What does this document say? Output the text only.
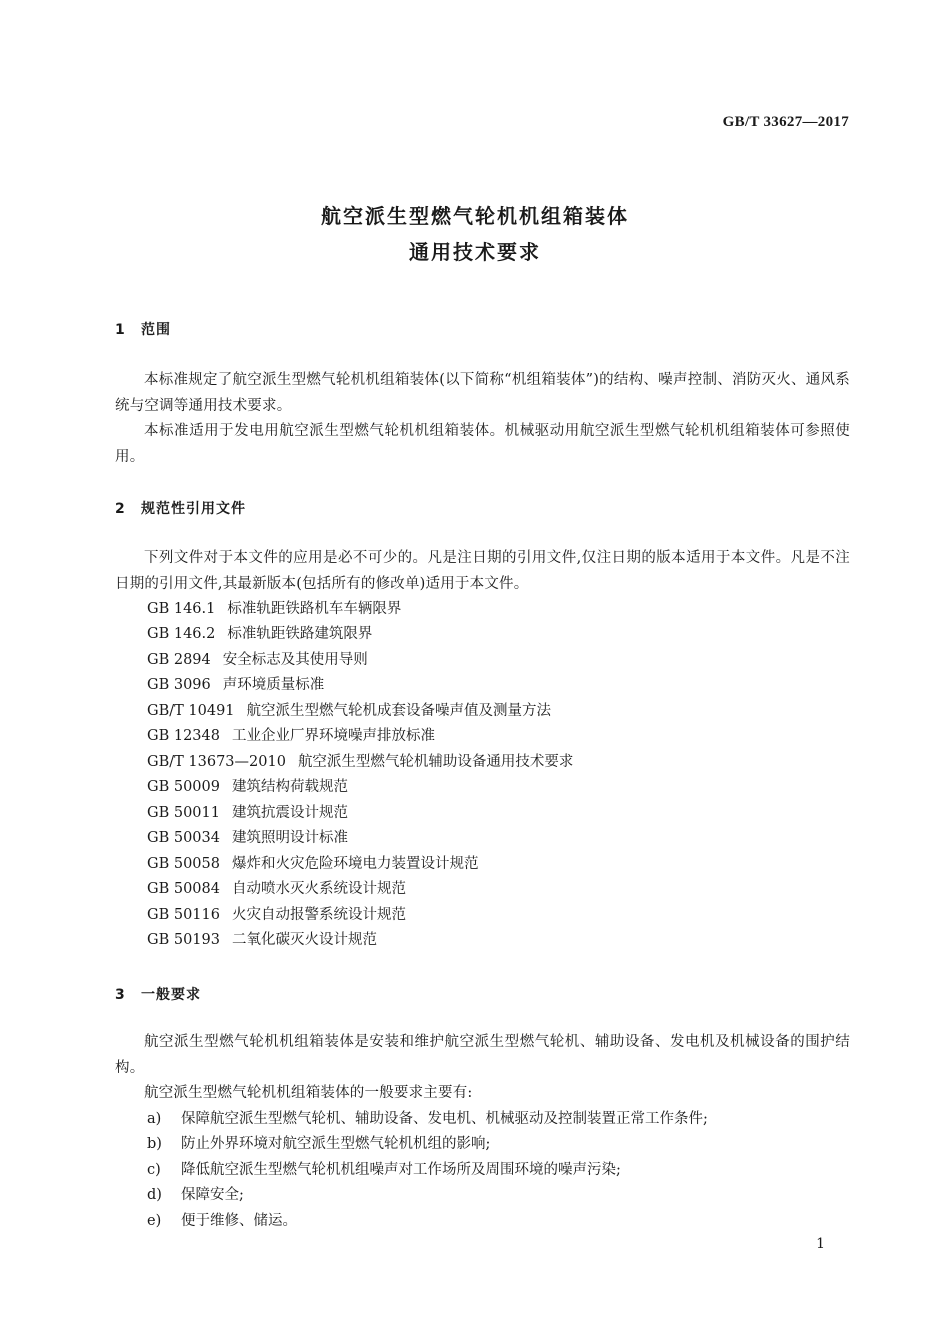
GB/T 33627—2017
航空派生型燃气轮机机组箱装体
通用技术要求
1 范围

本标准规定了航空派生型燃气轮机机组箱装体(以下简称“机组箱装体”)的结构、噪声控制、消防灭火、通风系统与空调等通用技术要求。

本标准适用于发电用航空派生型燃气轮机机组箱装体。机械驱动用航空派生型燃气轮机机组箱装体可参照使用。

2 规范性引用文件

下列文件对于本文件的应用是必不可少的。凡是注日期的引用文件,仅注日期的版本适用于本文件。凡是不注日期的引用文件,其最新版本(包括所有的修改单)适用于本文件。

GB 146.1 标准轨距铁路机车车辆限界
GB 146.2 标准轨距铁路建筑限界
GB 2894 安全标志及其使用导则
GB 3096 声环境质量标准
GB/T 10491 航空派生型燃气轮机成套设备噪声值及测量方法
GB 12348 工业企业厂界环境噪声排放标准
GB/T 13673—2010 航空派生型燃气轮机辅助设备通用技术要求
GB 50009 建筑结构荷载规范
GB 50011 建筑抗震设计规范
GB 50034 建筑照明设计标准
GB 50058 爆炸和火灾危险环境电力装置设计规范
GB 50084 自动喷水灭火系统设计规范
GB 50116 火灾自动报警系统设计规范
GB 50193 二氧化碳灭火设计规范
3 一般要求

航空派生型燃气轮机机组箱装体是安装和维护航空派生型燃气轮机、辅助设备、发电机及机械设备的围护结构。

航空派生型燃气轮机机组箱装体的一般要求主要有:

a) 保障航空派生型燃气轮机、辅助设备、发电机、机械驱动及控制装置正常工作条件;
b) 防止外界环境对航空派生型燃气轮机机组的影响;
c) 降低航空派生型燃气轮机机组噪声对工作场所及周围环境的噪声污染;
d) 保障安全;
e) 便于维修、储运。
1
